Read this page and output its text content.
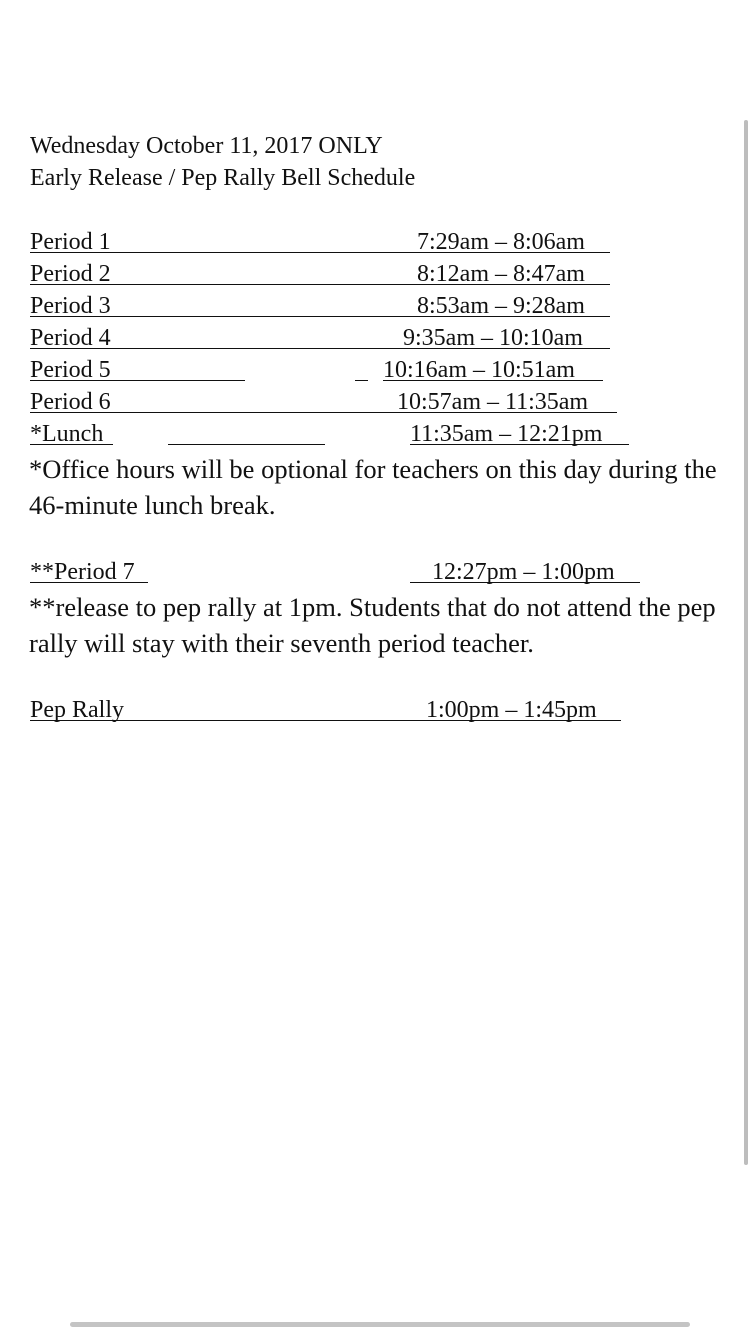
Wednesday October 11, 2017 ONLY
Early Release / Pep Rally Bell Schedule
Period 1	7:29am – 8:06am
Period 2	8:12am – 8:47am
Period 3	8:53am – 9:28am
Period 4	9:35am – 10:10am
Period 5	10:16am – 10:51am
Period 6	10:57am – 11:35am
*Lunch	11:35am – 12:21pm
*Office hours will be optional for teachers on this day during the 46-minute lunch break.
**Period 7	12:27pm – 1:00pm
**release to pep rally at 1pm. Students that do not attend the pep rally will stay with their seventh period teacher.
Pep Rally	1:00pm – 1:45pm
